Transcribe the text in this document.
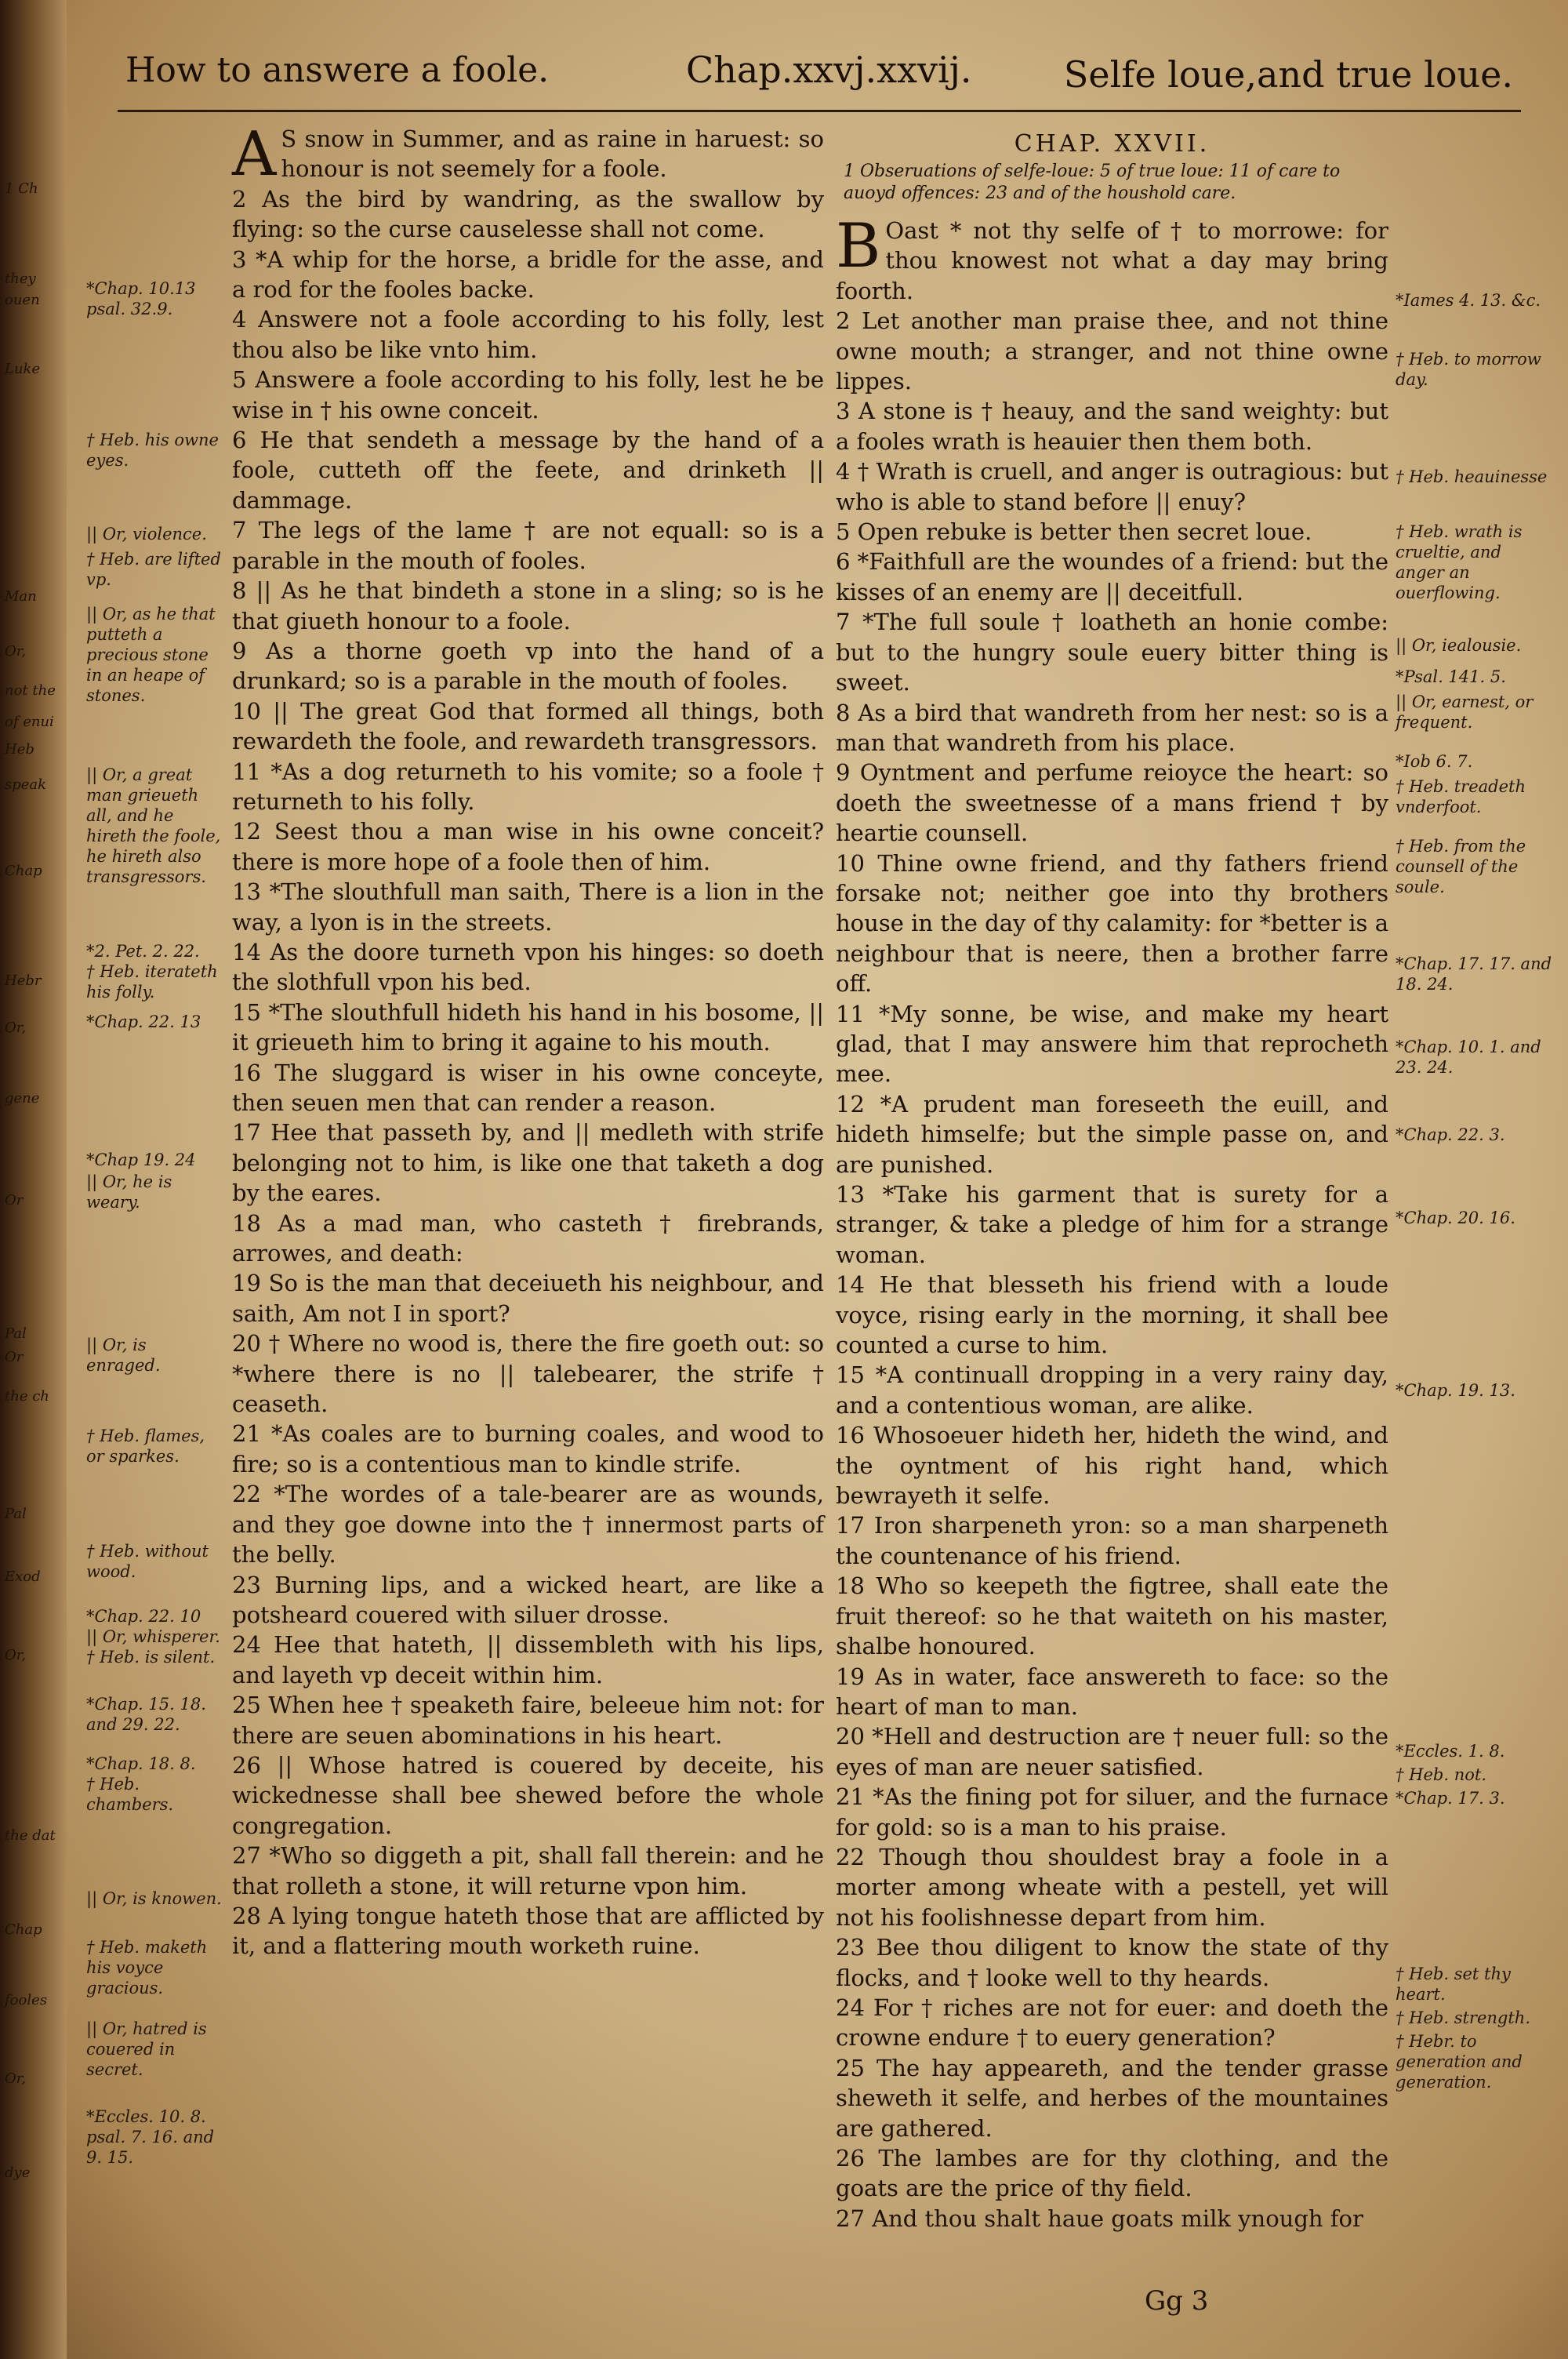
1 Ch
they
ouen
Luke
Man
Or,
not the
of enui
Heb
speak
Chap
Hebr
Or,
gene
Or
Pal
Or
Pal
the ch
Exod
Or,
the dat
Chap
fooles
Or,
dye
How to answere a foole.	Chap.xxvj.xxvij.	Selfe loue,and true loue.

A S snow in Summer, and as raine in haruest: so honour is not seemely for a foole.

2 As the bird by wandring, as the swallow by flying: so the curse causelesse shall not come.

3 *A whip for the horse, a bridle for the asse, and a rod for the fooles backe.

4 Answere not a foole according to his folly, lest thou also be like vnto him.

5 Answere a foole according to his folly, lest he be wise in † his owne conceit.

6 He that sendeth a message by the hand of a foole, cutteth off the feete, and drinketh || dammage.

7 The legs of the lame † are not equall: so is a parable in the mouth of fooles.

8 || As he that bindeth a stone in a sling; so is he that giueth honour to a foole.

9 As a thorne goeth vp into the hand of a drunkard; so is a parable in the mouth of fooles.

10 || The great God that formed all things, both rewardeth the foole, and rewardeth transgressors.

11 *As a dog returneth to his vomite; so a foole † returneth to his folly.

12 Seest thou a man wise in his owne conceit? there is more hope of a foole then of him.

13 *The slouthfull man saith, There is a lion in the way, a lyon is in the streets.

14 As the doore turneth vpon his hinges: so doeth the slothfull vpon his bed.

15 *The slouthfull hideth his hand in his bosome, || it grieueth him to bring it againe to his mouth.

16 The sluggard is wiser in his owne conceyte, then seuen men that can render a reason.

17 Hee that passeth by, and || medleth with strife belonging not to him, is like one that taketh a dog by the eares.

18 As a mad man, who casteth † firebrands, arrowes, and death:

19 So is the man that deceiueth his neighbour, and saith, Am not I in sport?

20 † Where no wood is, there the fire goeth out: so *where there is no || talebearer, the strife † ceaseth.

21 *As coales are to burning coales, and wood to fire; so is a contentious man to kindle strife.

22 *The wordes of a tale-bearer are as wounds, and they goe downe into the † innermost parts of the belly.

23 Burning lips, and a wicked heart, are like a potsheard couered with siluer drosse.

24 Hee that hateth, || dissembleth with his lips, and layeth vp deceit within him.

25 When hee † speaketh faire, beleeue him not: for there are seuen abominations in his heart.

26 || Whose hatred is couered by deceite, his wickednesse shall bee shewed before the whole congregation.

27 *Who so diggeth a pit, shall fall therein: and he that rolleth a stone, it will returne vpon him.

28 A lying tongue hateth those that are afflicted by it, and a flattering mouth worketh ruine.

CHAP. XXVII.

1 Obseruations of selfe-loue: 5 of true loue: 11 of care to auoyd offences: 23 and of the houshold care.

B Oast * not thy selfe of † to morrowe: for thou knowest not what a day may bring foorth.

2 Let another man praise thee, and not thine owne mouth; a stranger, and not thine owne lippes.

3 A stone is † heauy, and the sand weighty: but a fooles wrath is heauier then them both.

4 † Wrath is cruell, and anger is outragious: but who is able to stand before || enuy?

5 Open rebuke is better then secret loue.

6 *Faithfull are the woundes of a friend: but the kisses of an enemy are || deceitfull.

7 *The full soule † loatheth an honie combe: but to the hungry soule euery bitter thing is sweet.

8 As a bird that wandreth from her nest: so is a man that wandreth from his place.

9 Oyntment and perfume reioyce the heart: so doeth the sweetnesse of a mans friend † by heartie counsell.

10 Thine owne friend, and thy fathers friend forsake not; neither goe into thy brothers house in the day of thy calamity: for *better is a neighbour that is neere, then a brother farre off.

11 *My sonne, be wise, and make my heart glad, that I may answere him that reprocheth mee.

12 *A prudent man foreseeth the euill, and hideth himselfe; but the simple passe on, and are punished.

13 *Take his garment that is surety for a stranger, & take a pledge of him for a strange woman.

14 He that blesseth his friend with a loude voyce, rising early in the morning, it shall bee counted a curse to him.

15 *A continuall dropping in a very rainy day, and a contentious woman, are alike.

16 Whosoeuer hideth her, hideth the wind, and the oyntment of his right hand, which bewrayeth it selfe.

17 Iron sharpeneth yron: so a man sharpeneth the countenance of his friend.

18 Who so keepeth the figtree, shall eate the fruit thereof: so he that waiteth on his master, shalbe honoured.

19 As in water, face answereth to face: so the heart of man to man.

20 *Hell and destruction are † neuer full: so the eyes of man are neuer satisfied.

21 *As the fining pot for siluer, and the furnace for gold: so is a man to his praise.

22 Though thou shouldest bray a foole in a morter among wheate with a pestell, yet will not his foolishnesse depart from him.

23 Bee thou diligent to know the state of thy flocks, and † looke well to thy heards.

24 For † riches are not for euer: and doeth the crowne endure † to euery generation?

25 The hay appeareth, and the tender grasse sheweth it selfe, and herbes of the mountaines are gathered.

26 The lambes are for thy clothing, and the goats are the price of thy field.

27 And thou shalt haue goats milk ynough for

*Chap. 10.13 psal. 32.9.
† Heb. his owne eyes.
|| Or, violence.
† Heb. are lifted vp.
|| Or, as he that putteth a precious stone in an heape of stones.
|| Or, a great man grieueth all, and he hireth the foole, he hireth also transgressors.
*2. Pet. 2. 22.
† Heb. iterateth his folly.
*Chap. 22. 13
*Chap 19. 24
|| Or, he is weary.
|| Or, is enraged.
† Heb. flames, or sparkes.
† Heb. without wood.
*Chap. 22. 10
|| Or, whisperer.
† Heb. is silent.
*Chap. 15. 18. and 29. 22.
*Chap. 18. 8.
† Heb. chambers.
|| Or, is knowen.
† Heb. maketh his voyce gracious.
|| Or, hatred is couered in secret.
*Eccles. 10. 8. psal. 7. 16. and 9. 15.
*Iames 4. 13. &c.
† Heb. to morrow day.
† Heb. heauinesse
† Heb. wrath is crueltie, and anger an ouerflowing.
|| Or, iealousie.
*Psal. 141. 5.
|| Or, earnest, or frequent.
*Iob 6. 7.
† Heb. treadeth vnderfoot.
† Heb. from the counsell of the soule.
*Chap. 17. 17. and 18. 24.
*Chap. 10. 1. and 23. 24.
*Chap. 22. 3.
*Chap. 20. 16.
*Chap. 19. 13.
*Eccles. 1. 8.
† Heb. not.
*Chap. 17. 3.
† Heb. set thy heart.
† Heb. strength.
† Hebr. to generation and generation.
Gg 3
